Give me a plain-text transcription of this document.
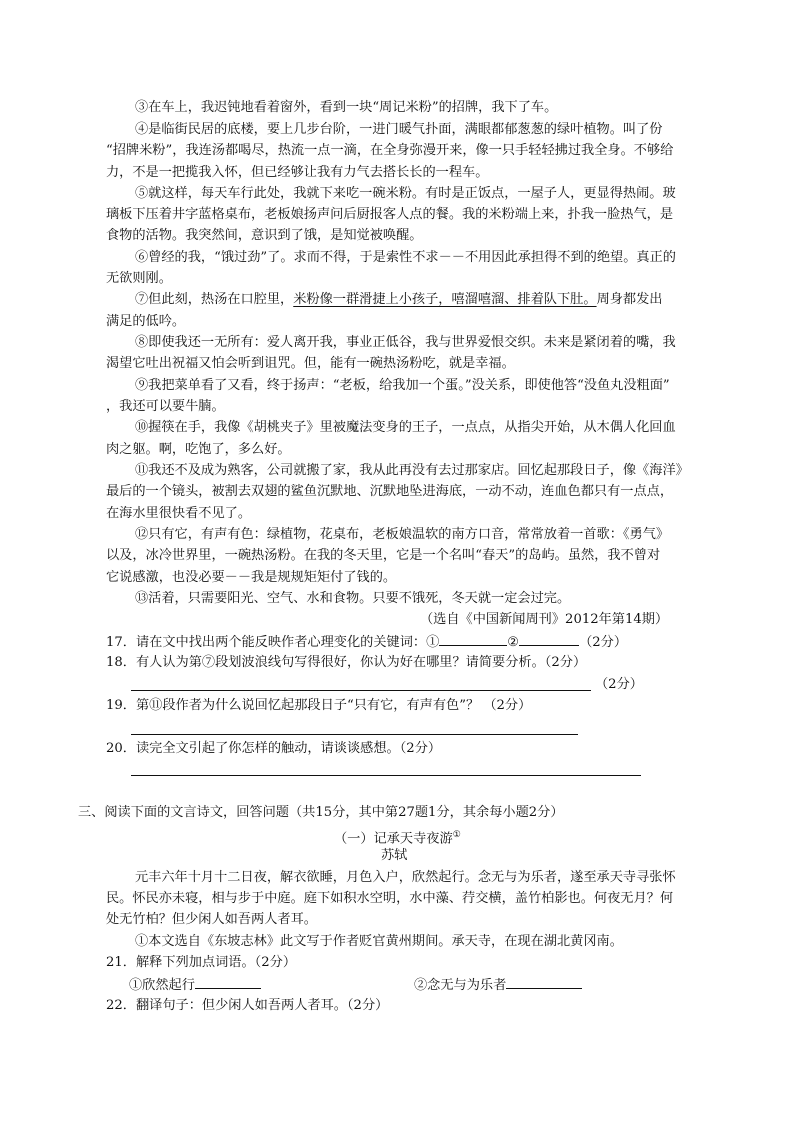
③在车上，我迟钝地看着窗外，看到一块“周记米粉”的招牌，我下了车。
④是临街民居的底楼，要上几步台阶，一进门暖气扑面，满眼都郁葱葱的绿叶植物。叫了份
“招牌米粉”，我连汤都喝尽，热流一点一滴，在全身弥漫开来，像一只手轻轻拂过我全身。不够给
力，不是一把揽我入怀，但已经够让我有力气去搭长长的一程车。
⑤就这样，每天车行此处，我就下来吃一碗米粉。有时是正饭点，一屋子人，更显得热闹。玻
璃板下压着井字蓝格桌布，老板娘扬声问后厨报客人点的餐。我的米粉端上来，扑我一脸热气，是
食物的活物。我突然间，意识到了饿，是知觉被唤醒。
⑥曾经的我，“饿过劲”了。求而不得，于是索性不求－－不用因此承担得不到的绝望。真正的
无欲则刚。
⑦但此刻，热汤在口腔里，米粉像一群滑捷上小孩子，嘻溜嘻溜、排着队下肚。周身都发出
满足的低吟。
⑧即使我还一无所有：爱人离开我，事业正低谷，我与世界爱恨交织。未来是紧闭着的嘴，我
渴望它吐出祝福又怕会听到诅咒。但，能有一碗热汤粉吃，就是幸福。
⑨我把菜单看了又看，终于扬声：“老板，给我加一个蛋。”没关系，即使他答“没鱼丸没粗面”
，我还可以要牛腩。
⑩握筷在手，我像《胡桃夹子》里被魔法变身的王子，一点点，从指尖开始，从木偶人化回血
肉之躯。啊，吃饱了，多么好。
⑪我还不及成为熟客，公司就搬了家，我从此再没有去过那家店。回忆起那段日子，像《海洋》
最后的一个镜头，被割去双翅的鲨鱼沉默地、沉默地坠进海底，一动不动，连血色都只有一点点，
在海水里很快看不见了。
⑫只有它，有声有色：绿植物，花桌布，老板娘温软的南方口音，常常放着一首歌：《勇气》
以及，冰冷世界里，一碗热汤粉。在我的冬天里，它是一个名叫“春天”的岛屿。虽然，我不曾对
它说感激，也没必要－－我是规规矩矩付了钱的。
⑬活着，只需要阳光、空气、水和食物。只要不饿死，冬天就一定会过完。
（选自《中国新闻周刊》2012年第14期）
17．请在文中找出两个能反映作者心理变化的关键词：①	②	（2分）
18．有人认为第⑦段划波浪线句写得很好，你认为好在哪里？请简要分析。（2分）
（2分）
19．第⑪段作者为什么说回忆起那段日子“只有它，有声有色”？ （2分）
20．读完全文引起了你怎样的触动，请谈谈感想。（2分）
三、阅读下面的文言诗文，回答问题（共15分，其中第27题1分，其余每小题2分）
（一）记承天寺夜游①
苏轼
元丰六年十月十二日夜，解衣欲睡，月色入户，欣然起行。念无与为乐者，遂至承天寺寻张怀
民。怀民亦未寝，相与步于中庭。庭下如积水空明，水中藻、荇交横，盖竹柏影也。何夜无月？何
处无竹柏？但少闲人如吾两人者耳。
①本文选自《东坡志林》此文写于作者贬官黄州期间。承天寺，在现在湖北黄冈南。
21．解释下列加点词语。（2分）
①欣然起行	②念无与为乐者
22．翻译句子：但少闲人如吾两人者耳。（2分）
